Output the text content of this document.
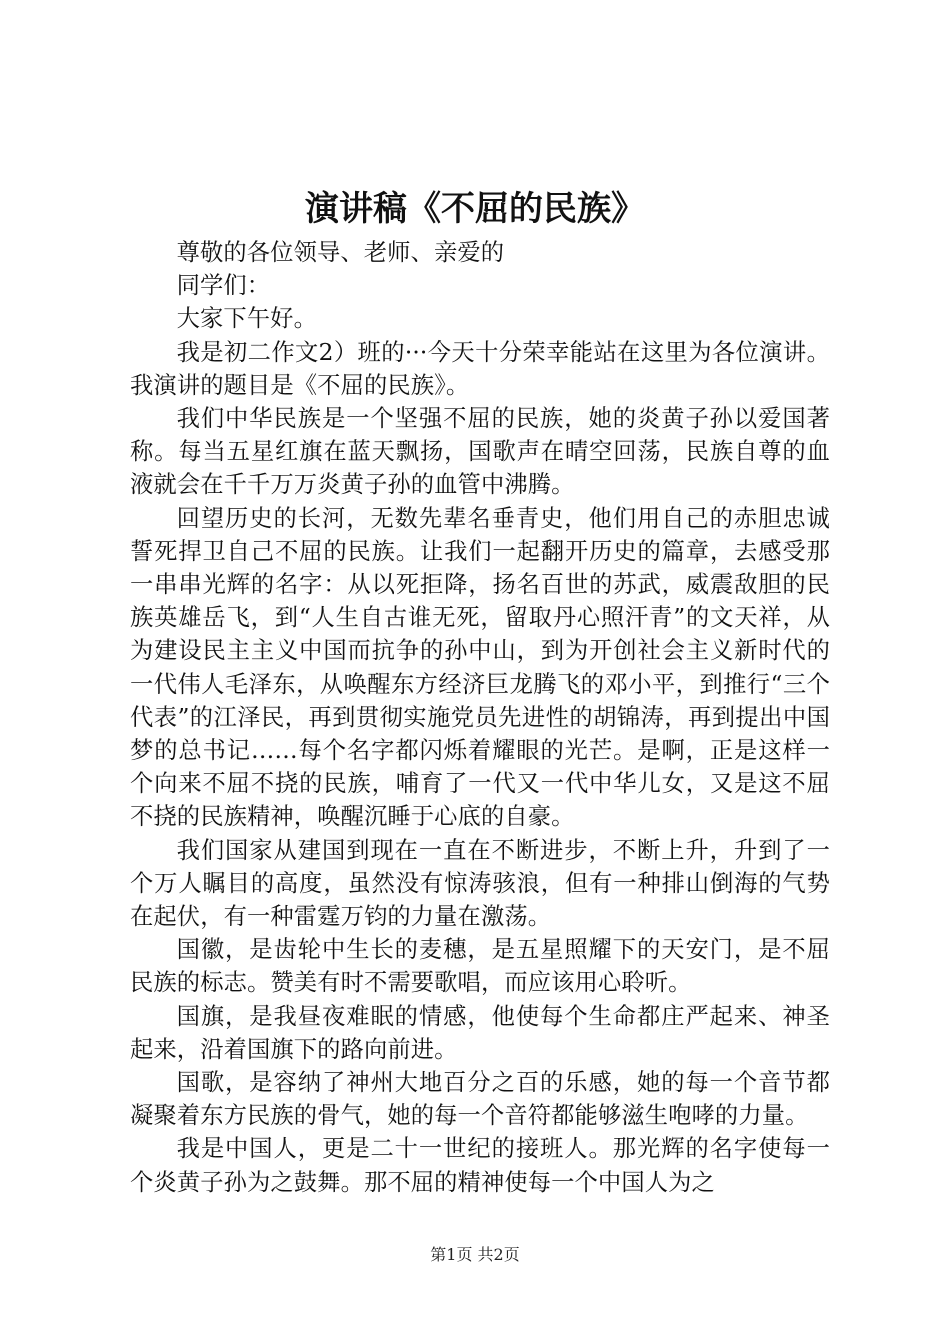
演讲稿《不屈的民族》

尊敬的各位领导、老师、亲爱的

同学们：

大家下午好。

我是初二作文2）班的···今天十分荣幸能站在这里为各位演讲。我演讲的题目是《不屈的民族》。

我们中华民族是一个坚强不屈的民族，她的炎黄子孙以爱国著称。每当五星红旗在蓝天飘扬，国歌声在晴空回荡，民族自尊的血液就会在千千万万炎黄子孙的血管中沸腾。

回望历史的长河，无数先辈名垂青史，他们用自己的赤胆忠诚誓死捍卫自己不屈的民族。让我们一起翻开历史的篇章，去感受那一串串光辉的名字：从以死拒降，扬名百世的苏武，威震敌胆的民族英雄岳飞，到“人生自古谁无死，留取丹心照汗青”的文天祥，从为建设民主主义中国而抗争的孙中山，到为开创社会主义新时代的一代伟人毛泽东，从唤醒东方经济巨龙腾飞的邓小平，到推行“三个代表”的江泽民，再到贯彻实施党员先进性的胡锦涛，再到提出中国梦的总书记……每个名字都闪烁着耀眼的光芒。是啊，正是这样一个向来不屈不挠的民族，哺育了一代又一代中华儿女，又是这不屈不挠的民族精神，唤醒沉睡于心底的自豪。

我们国家从建国到现在一直在不断进步，不断上升，升到了一个万人瞩目的高度，虽然没有惊涛骇浪，但有一种排山倒海的气势在起伏，有一种雷霆万钧的力量在激荡。

国徽，是齿轮中生长的麦穗，是五星照耀下的天安门，是不屈民族的标志。赞美有时不需要歌唱，而应该用心聆听。

国旗，是我昼夜难眠的情感，他使每个生命都庄严起来、神圣起来，沿着国旗下的路向前进。

国歌，是容纳了神州大地百分之百的乐感，她的每一个音节都凝聚着东方民族的骨气，她的每一个音符都能够滋生咆哮的力量。

我是中国人，更是二十一世纪的接班人。那光辉的名字使每一个炎黄子孙为之鼓舞。那不屈的精神使每一个中国人为之

第1页 共2页
